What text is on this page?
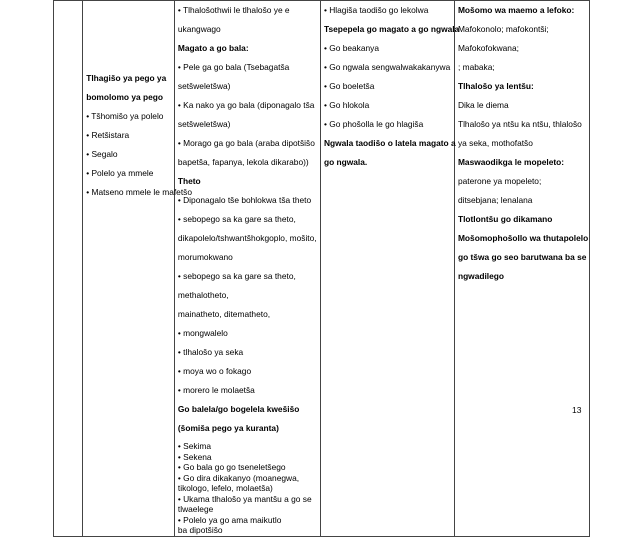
Tlhagišo ya pego ya
bomolomo ya pego
• Tšhomišo ya polelo
• Retšistara
• Segalo
• Polelo ya mmele
• Matseno mmele le mafetšo

• Tlhalošothwii le tlhalošo ye e
ukangwago
Magato a go bala:
• Pele ga go bala (Tsebagatša
setšweletšwa)
• Ka nako ya go bala (diponagalo tša
setšweletšwa)
• Morago ga go bala (araba dipotšišo
bapetša, fapanya, lekola dikarabo))
Theto
• Diponagalo tše bohlokwa tša theto
• sebopego sa ka gare sa theto,
dikapolelo/tshwantšhokgoplo, mošito,
morumokwano
• sebopego sa ka gare sa theto,
methalotheto,
mainatheto, ditematheto,
• mongwalelo
• tlhalošo ya seka
• moya wo o fokago
• morero le molaetša
Go balela/go bogelela kwešišo
(šomiša pego ya kuranta)
• Sekima
• Sekena
• Go bala go go tseneletšego
• Go dira dikakanyo (moanegwa,
tikologo, lefelo, molaetša)
• Ukama tlhalošo ya mantšu a go se
tlwaelege
• Polelo ya go ama maikutlo
ba dipotšišo

• Hlagiša taodišo go lekolwa
Tsepepela go magato a go ngwala
• Go beakanya
• Go ngwala sengwalwakakanywa
• Go boeletša
• Go hlokola
• Go phošolla le go hlagiša
Ngwala taodišo o latela magato a
go ngwala.

Mošomo wa maemo a lefoko:
Mafokonolo; mafokontši;
Mafokofokwana;
; mabaka;
Tlhalošo ya lentšu:
Dika le diema
Tlhalošo ya ntšu ka ntšu, thlalošo
ya seka, mothofatšo
Maswaodikga le mopeleto:
paterone ya mopeleto;
ditsebjana; lenalana
Tlotlontšu go dikamano
Mošomophošollo wa thutapolelo
go tšwa go seo barutwana ba se
ngwadilego
13
